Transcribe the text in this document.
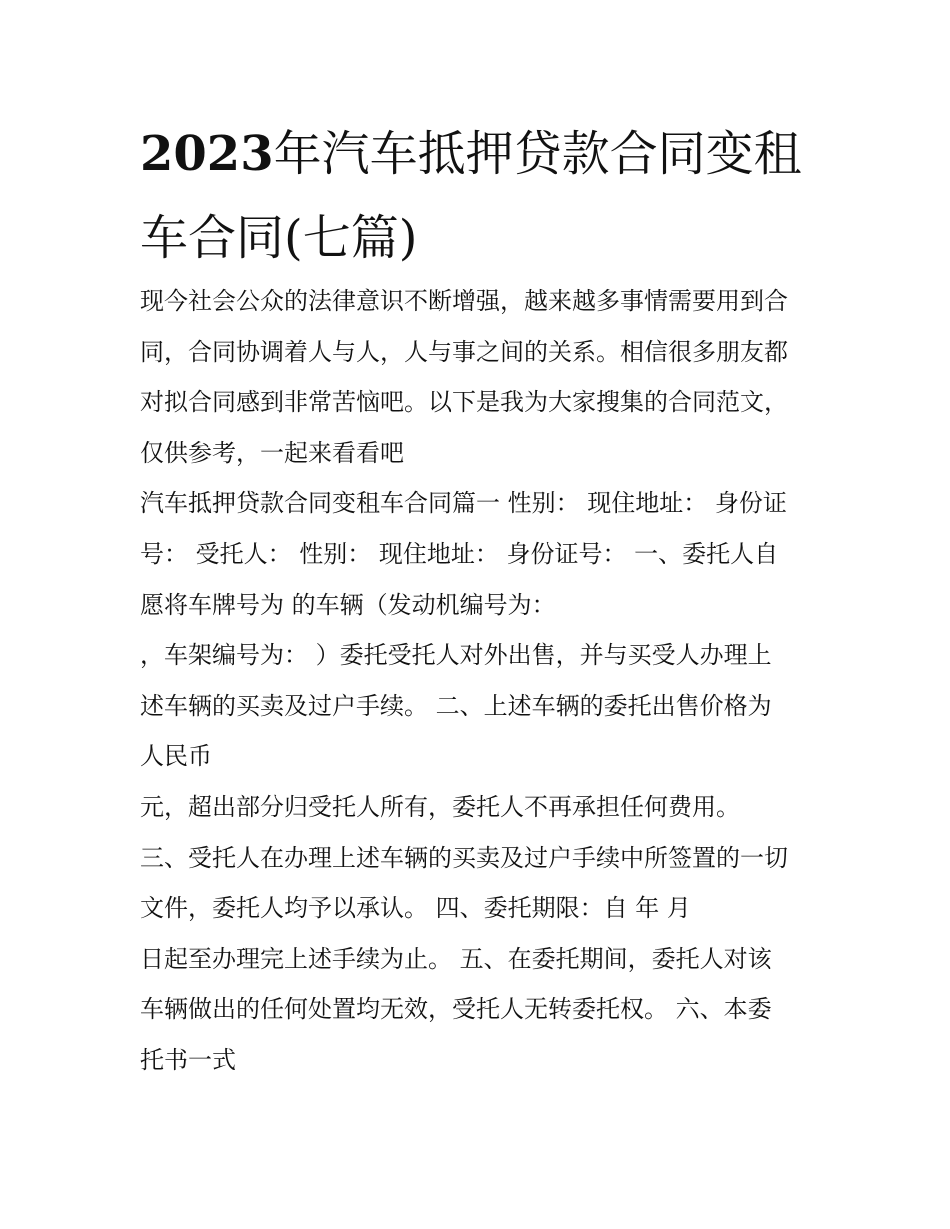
2023年汽车抵押贷款合同变租
车合同(七篇)
现今社会公众的法律意识不断增强，越来越多事情需要用到合
同，合同协调着人与人，人与事之间的关系。相信很多朋友都
对拟合同感到非常苦恼吧。以下是我为大家搜集的合同范文，
仅供参考，一起来看看吧
汽车抵押贷款合同变租车合同篇一 性别： 现住地址： 身份证
号： 受托人： 性别： 现住地址： 身份证号： 一、委托人自
愿将车牌号为 的车辆（发动机编号为：
，车架编号为： ）委托受托人对外出售，并与买受人办理上
述车辆的买卖及过户手续。 二、上述车辆的委托出售价格为
人民币
元，超出部分归受托人所有，委托人不再承担任何费用。
三、受托人在办理上述车辆的买卖及过户手续中所签置的一切
文件，委托人均予以承认。 四、委托期限：自 年 月
日起至办理完上述手续为止。 五、在委托期间，委托人对该
车辆做出的任何处置均无效，受托人无转委托权。 六、本委
托书一式
